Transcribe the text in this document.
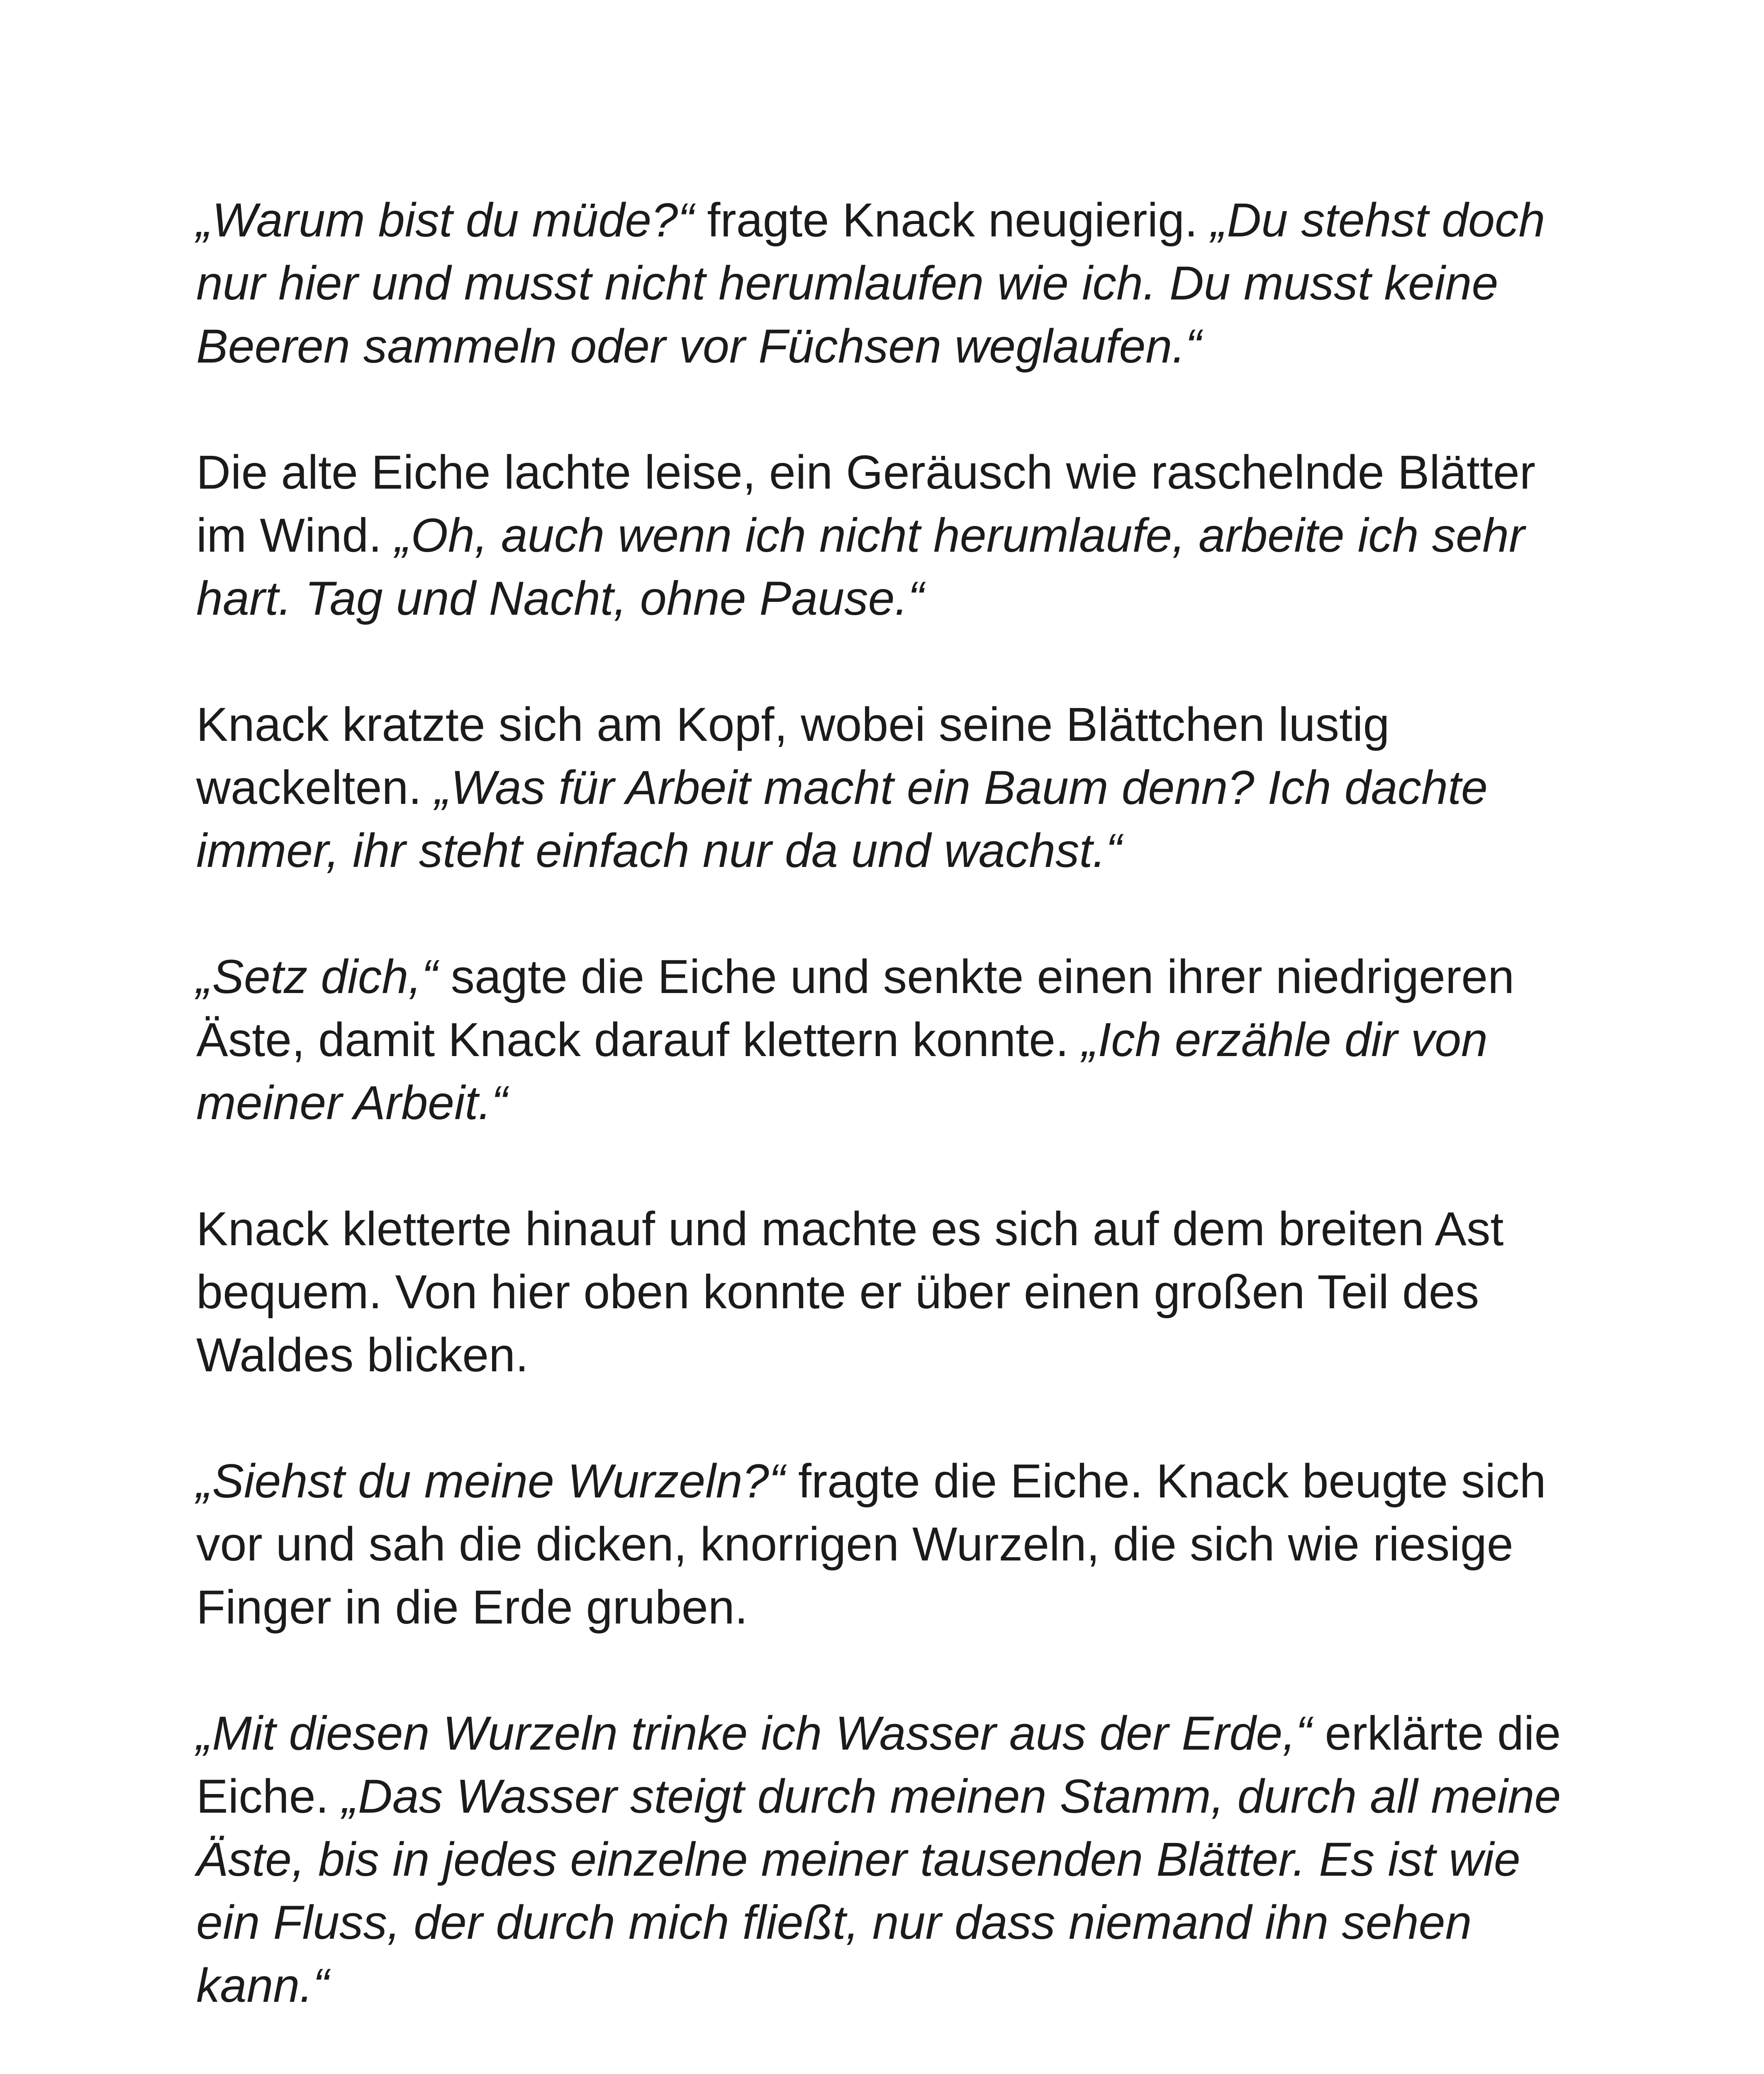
„Warum bist du müde?“ fragte Knack neugierig. „Du stehst doch nur hier und musst nicht herumlaufen wie ich. Du musst keine Beeren sammeln oder vor Füchsen weglaufen.“

Die alte Eiche lachte leise, ein Geräusch wie raschelnde Blätter im Wind. „Oh, auch wenn ich nicht herumlaufe, arbeite ich sehr hart. Tag und Nacht, ohne Pause.“

Knack kratzte sich am Kopf, wobei seine Blättchen lustig wackelten. „Was für Arbeit macht ein Baum denn? Ich dachte immer, ihr steht einfach nur da und wachst.“

„Setz dich,“ sagte die Eiche und senkte einen ihrer niedrigeren Äste, damit Knack darauf klettern konnte. „Ich erzähle dir von meiner Arbeit.“

Knack kletterte hinauf und machte es sich auf dem breiten Ast bequem. Von hier oben konnte er über einen großen Teil des Waldes blicken.

„Siehst du meine Wurzeln?“ fragte die Eiche. Knack beugte sich vor und sah die dicken, knorrigen Wurzeln, die sich wie riesige Finger in die Erde gruben.

„Mit diesen Wurzeln trinke ich Wasser aus der Erde,“ erklärte die Eiche. „Das Wasser steigt durch meinen Stamm, durch all meine Äste, bis in jedes einzelne meiner tausenden Blätter. Es ist wie ein Fluss, der durch mich fließt, nur dass niemand ihn sehen kann.“
